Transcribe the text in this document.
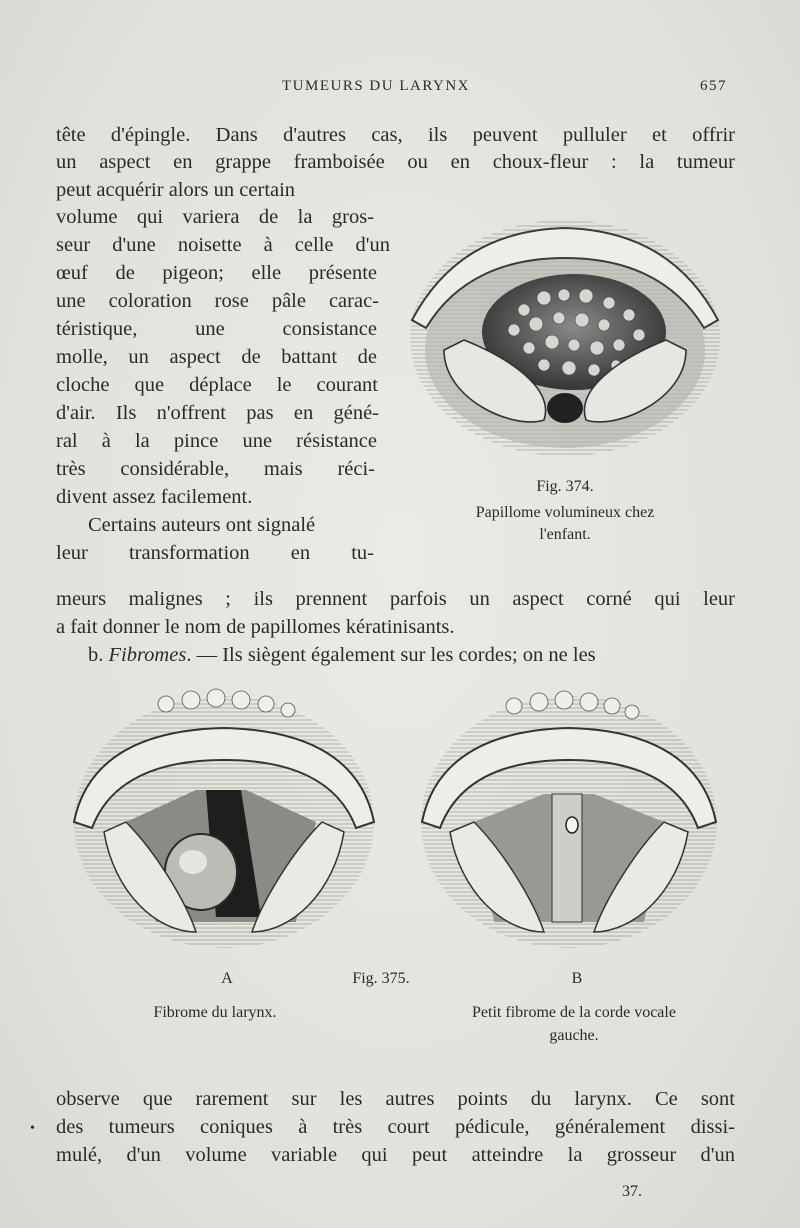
TUMEURS DU LARYNX	657
tête d'épingle. Dans d'autres cas, ils peuvent pulluler et offrir
un aspect en grappe framboisée ou en choux-fleur : la tumeur
peut acquérir alors un certain
volume qui variera de la gros-
seur d'une noisette à celle d'un
œuf de pigeon; elle présente
une coloration rose pâle carac-
téristique, une consistance
molle, un aspect de battant de
cloche que déplace le courant
d'air. Ils n'offrent pas en géné-
ral à la pince une résistance
très considérable, mais réci-
divent assez facilement.
Certains auteurs ont signalé
leur transformation en tu-
Fig. 374.
Papillome volumineux chez
l'enfant.
meurs malignes ; ils prennent parfois un aspect corné qui leur
a fait donner le nom de papillomes kératinisants.
b. Fibromes. — Ils siègent également sur les cordes; on ne les
A	Fig. 375.	B
Fibrome du larynx.	Petit fibrome de la corde vocale
gauche.
observe que rarement sur les autres points du larynx. Ce sont
• des tumeurs coniques à très court pédicule, généralement dissi-
mulé, d'un volume variable qui peut atteindre la grosseur d'un
37.
